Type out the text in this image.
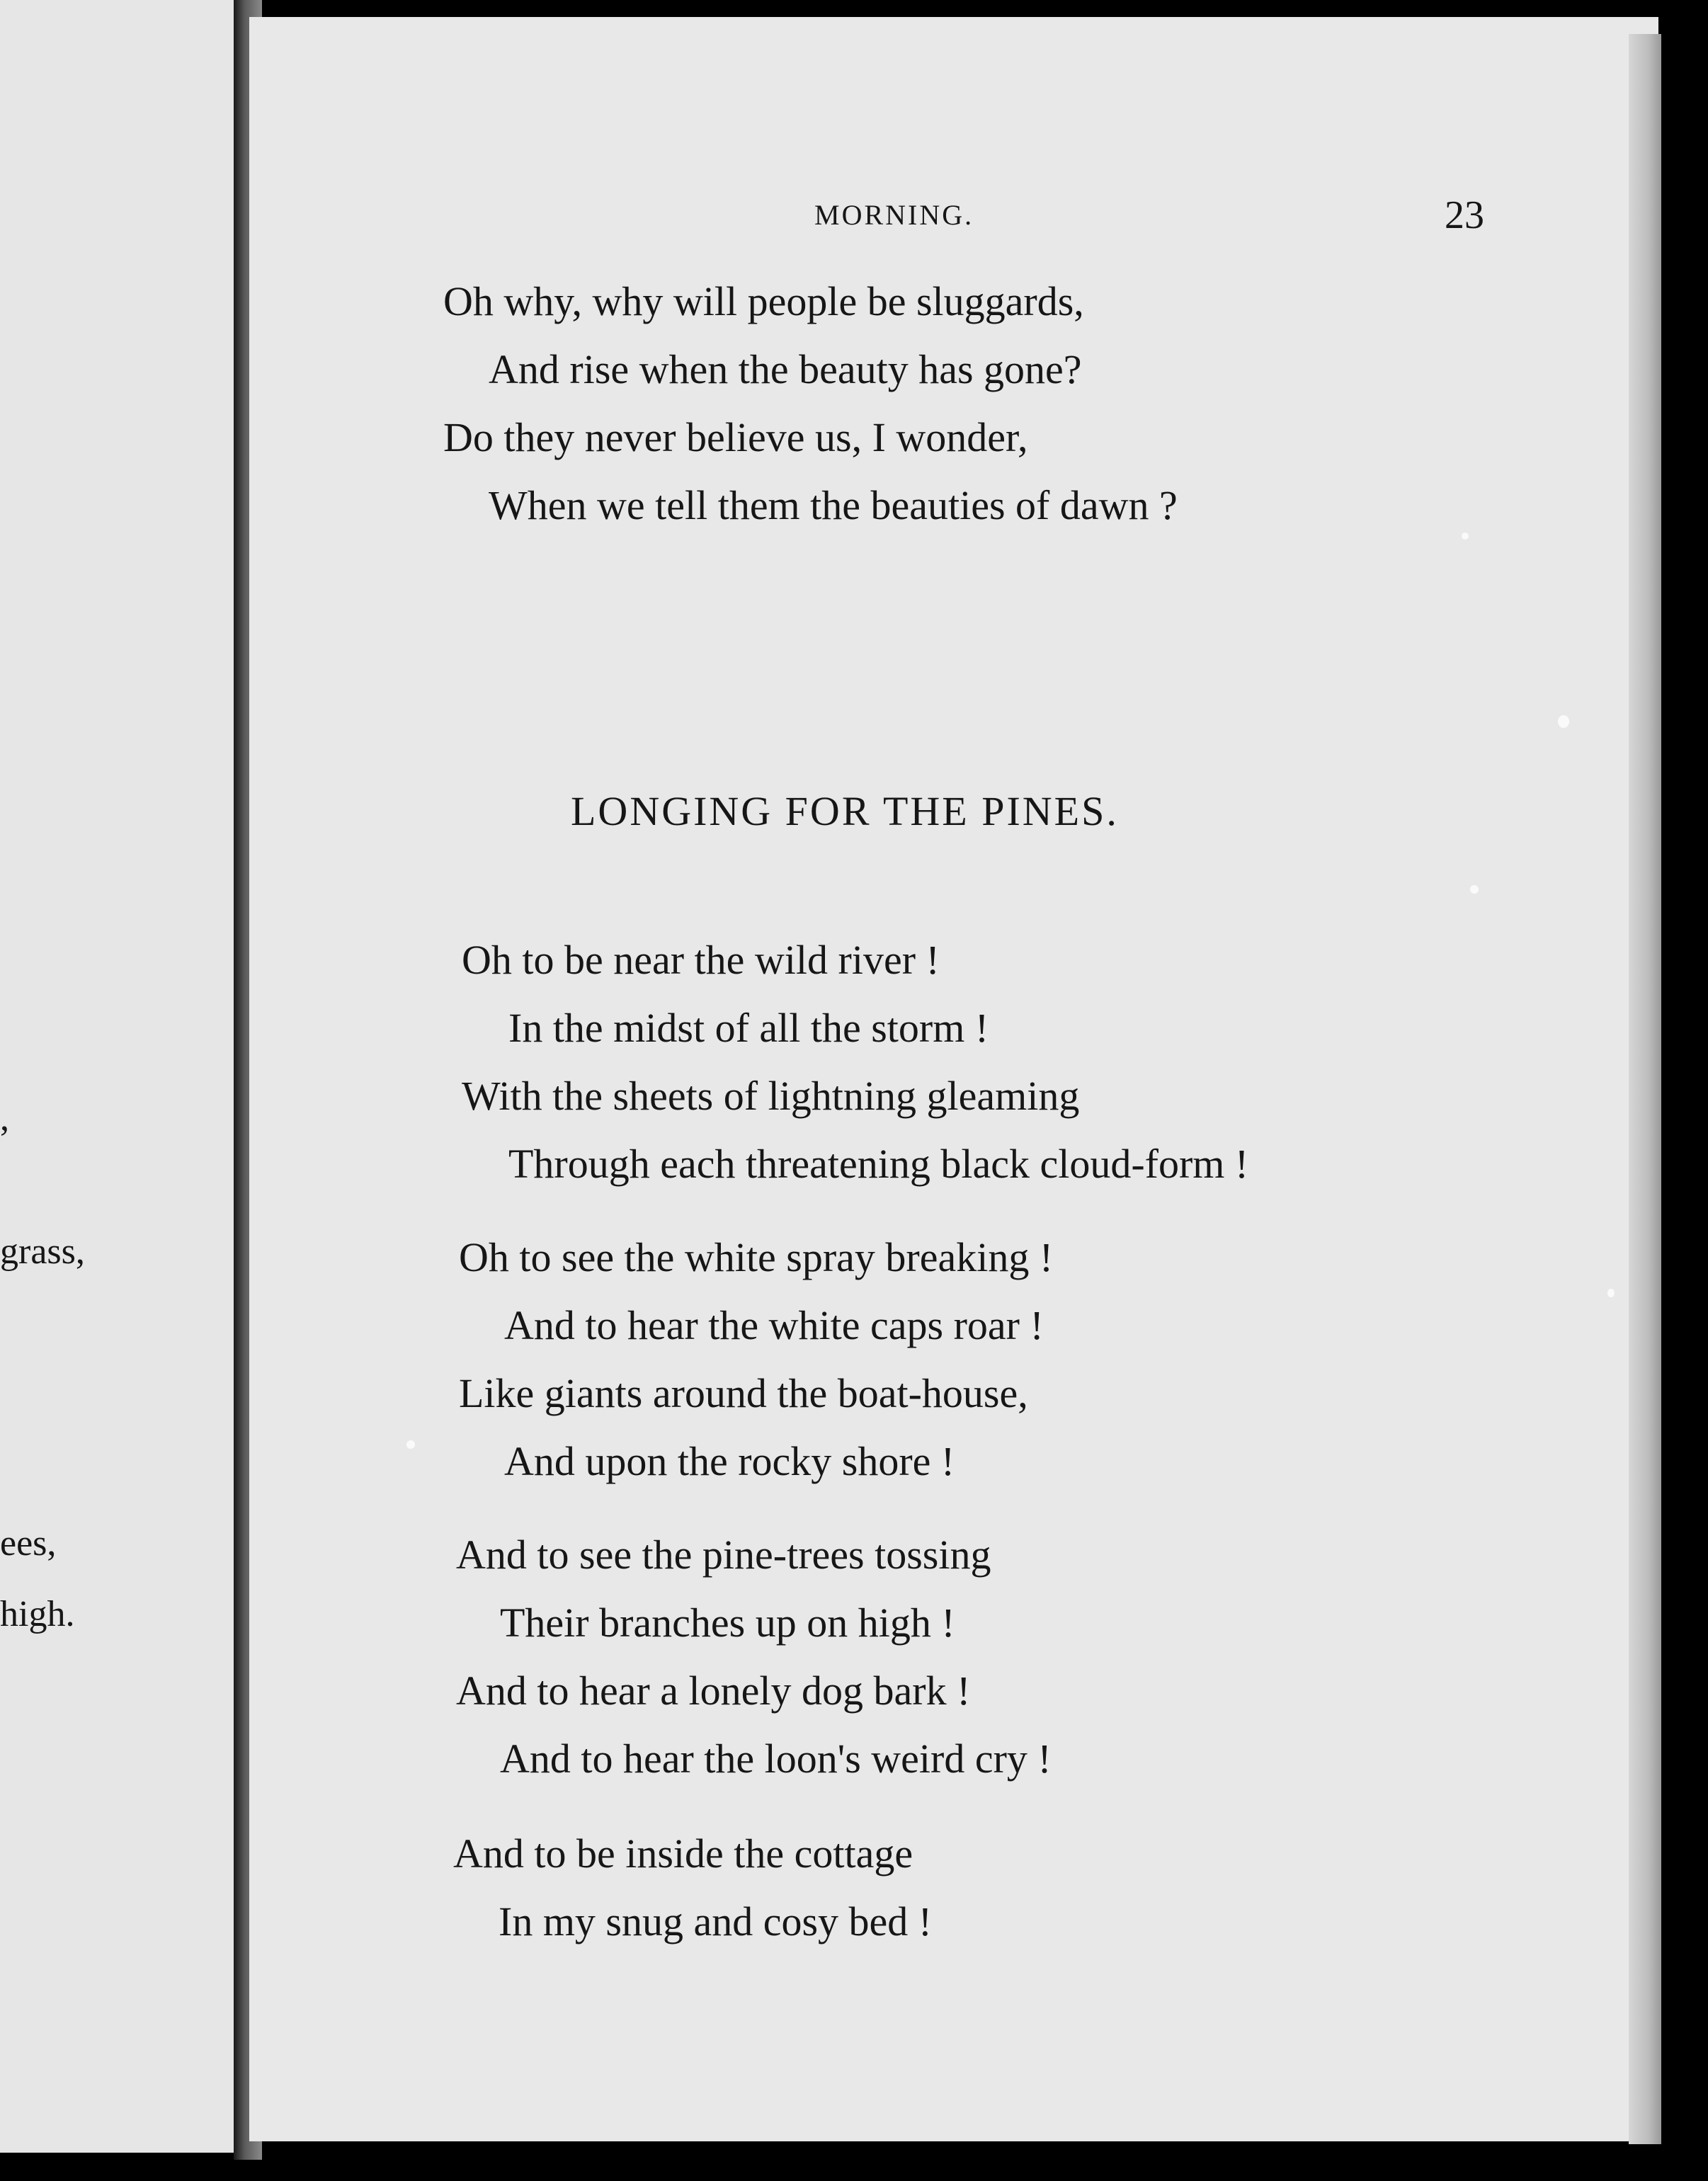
,
grass,
ees,
high.
MORNING.	23
Oh why, why will people be sluggards,
And rise when the beauty has gone?
Do they never believe us, I wonder,
When we tell them the beauties of dawn ?
LONGING FOR THE PINES.
Oh to be near the wild river !
In the midst of all the storm !
With the sheets of lightning gleaming
Through each threatening black cloud-form !
Oh to see the white spray breaking !
And to hear the white caps roar !
Like giants around the boat-house,
And upon the rocky shore !
And to see the pine-trees tossing
Their branches up on high !
And to hear a lonely dog bark !
And to hear the loon's weird cry !
And to be inside the cottage
In my snug and cosy bed !
